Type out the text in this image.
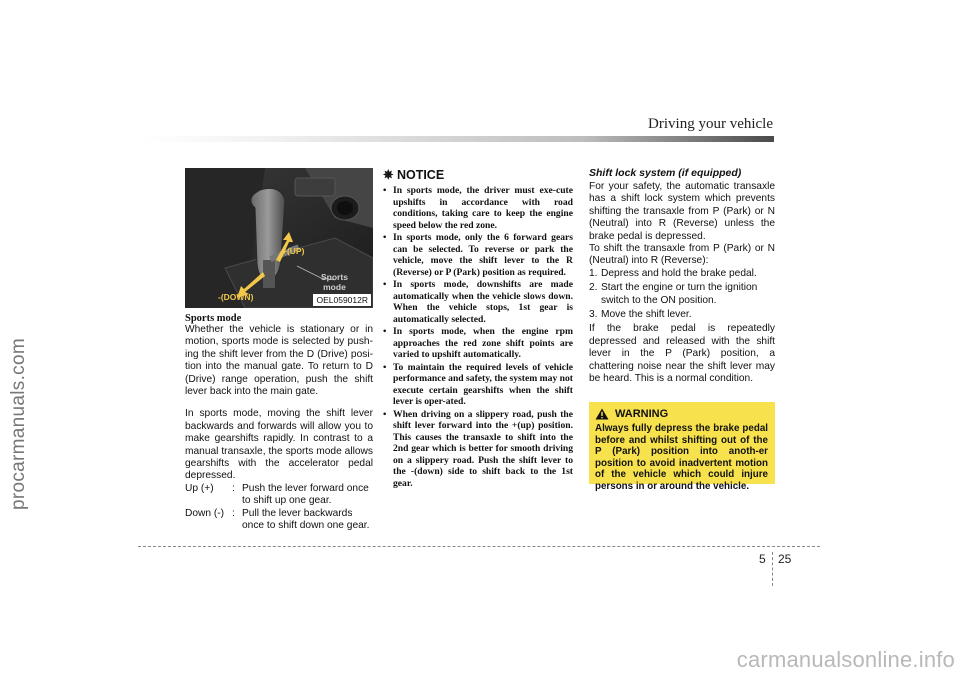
procarmanuals.com
Driving your vehicle
+(UP)
-(DOWN)
Sports
mode
OEL059012R
Sports mode

Whether the vehicle is stationary or in motion, sports mode is selected by push-ing the shift lever from the D (Drive) posi-tion into the manual gate. To return to D (Drive) range operation, push the shift lever back into the main gate.

In sports mode, moving the shift lever backwards and forwards will allow you to make gearshifts rapidly. In contrast to a manual transaxle, the sports mode allows gearshifts with the accelerator pedal depressed.

Up (+)	: Push the lever forward once to shift up one gear.
Down (-) : Pull the lever backwards once to shift down one gear.
✵ NOTICE
• In sports mode, the driver must exe-cute upshifts in accordance with road conditions, taking care to keep the engine speed below the red zone.
• In sports mode, only the 6 forward gears can be selected. To reverse or park the vehicle, move the shift lever to the R (Reverse) or P (Park) position as required.
• In sports mode, downshifts are made automatically when the vehicle slows down. When the vehicle stops, 1st gear is automatically selected.
• In sports mode, when the engine rpm approaches the red zone shift points are varied to upshift automatically.
• To maintain the required levels of vehicle performance and safety, the system may not execute certain gearshifts when the shift lever is oper-ated.
• When driving on a slippery road, push the shift lever forward into the +(up) position. This causes the transaxle to shift into the 2nd gear which is better for smooth driving on a slippery road. Push the shift lever to the -(down) side to shift back to the 1st gear.
Shift lock system (if equipped)

For your safety, the automatic transaxle has a shift lock system which prevents shifting the transaxle from P (Park) or N (Neutral) into R (Reverse) unless the brake pedal is depressed.

To shift the transaxle from P (Park) or N (Neutral) into R (Reverse):

1. Depress and hold the brake pedal.
2. Start the engine or turn the ignition switch to the ON position.
3. Move the shift lever.

If the brake pedal is repeatedly depressed and released with the shift lever in the P (Park) position, a chattering noise near the shift lever may be heard. This is a normal condition.

WARNING
Always fully depress the brake pedal before and whilst shifting out of the P (Park) position into anoth-er position to avoid inadvertent motion of the vehicle which could injure persons in or around the vehicle.
5 25
carmanualsonline.info
